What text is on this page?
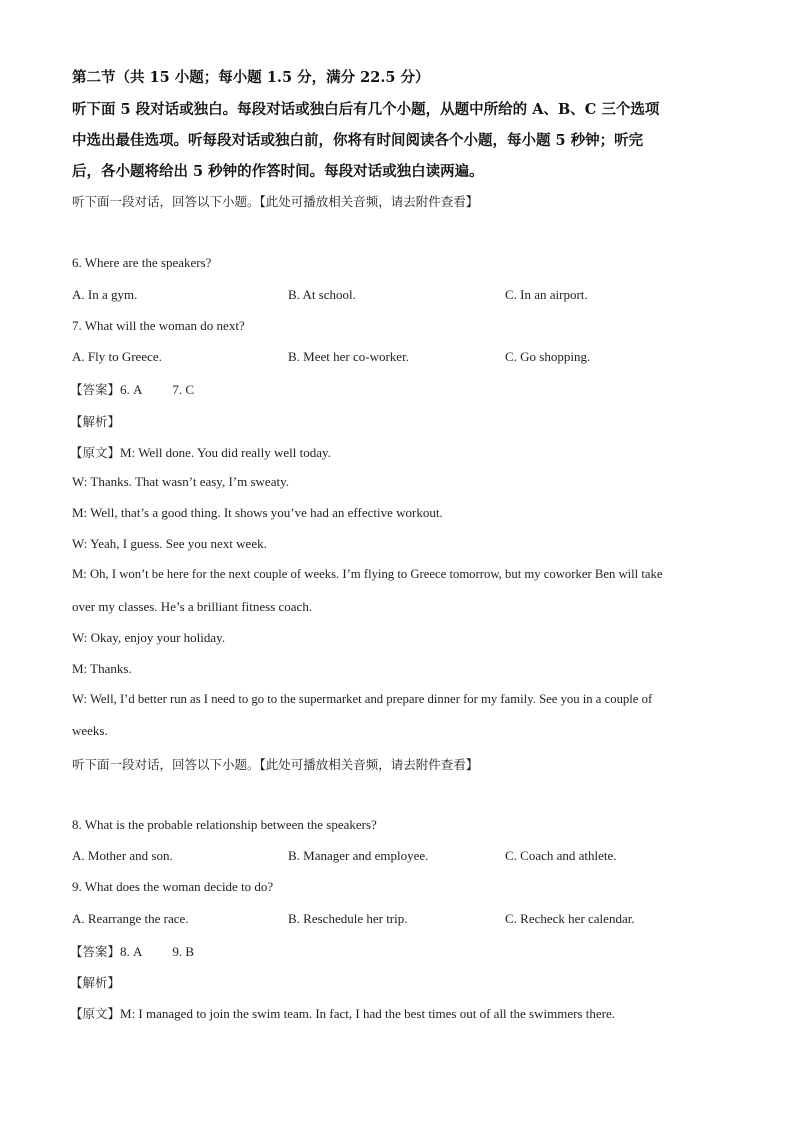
第二节（共 15 小题；每小题 1.5 分，满分 22.5 分）
听下面 5 段对话或独白。每段对话或独白后有几个小题，从题中所给的 A、B、C 三个选项
中选出最佳选项。听每段对话或独白前，你将有时间阅读各个小题，每小题 5 秒钟；听完
后，各小题将给出 5 秒钟的作答时间。每段对话或独白读两遍。
听下面一段对话，回答以下小题。【此处可播放相关音频，请去附件查看】
6. Where are the speakers?
A. In a gym.	B. At school.	C. In an airport.
7. What will the woman do next?
A. Fly to Greece.	B. Meet her co-worker.	C. Go shopping.
【答案】6. A 7. C
【解析】
【原文】M: Well done. You did really well today.
W: Thanks. That wasn’t easy, I’m sweaty.
M: Well, that’s a good thing. It shows you’ve had an effective workout.
W: Yeah, I guess. See you next week.
M: Oh, I won’t be here for the next couple of weeks. I’m flying to Greece tomorrow, but my coworker Ben will take
over my classes. He’s a brilliant fitness coach.
W: Okay, enjoy your holiday.
M: Thanks.
W: Well, I’d better run as I need to go to the supermarket and prepare dinner for my family. See you in a couple of
weeks.
听下面一段对话，回答以下小题。【此处可播放相关音频，请去附件查看】
8. What is the probable relationship between the speakers?
A. Mother and son.	B. Manager and employee.	C. Coach and athlete.
9. What does the woman decide to do?
A. Rearrange the race.	B. Reschedule her trip.	C. Recheck her calendar.
【答案】8. A 9. B
【解析】
【原文】M: I managed to join the swim team. In fact, I had the best times out of all the swimmers there.
